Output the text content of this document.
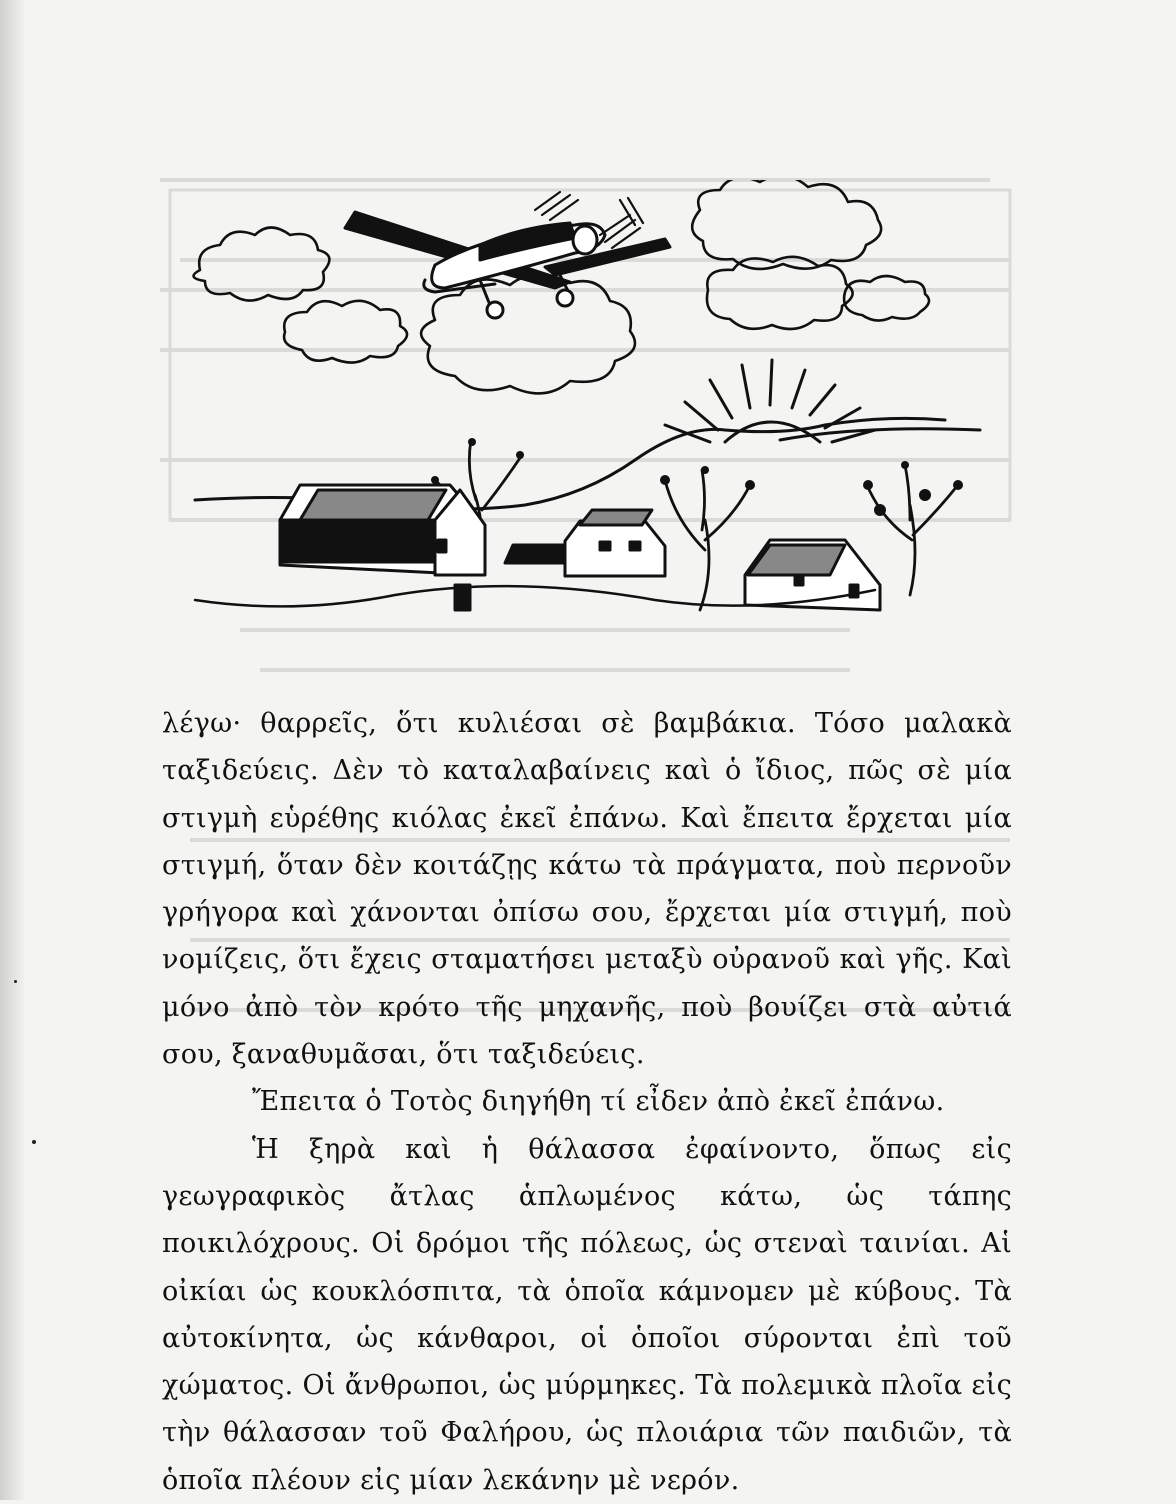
λέγω· θαρρεῖς, ὅτι κυλιέσαι σὲ βαμβάκια. Τόσο μαλακὰ ταξιδεύεις. Δὲν τὸ καταλαβαίνεις καὶ ὁ ἴδιος, πῶς σὲ μία στιγμὴ εὑρέθης κιόλας ἐκεῖ ἐπάνω. Καὶ ἔπειτα ἔρχεται μία στιγμή, ὅταν δὲν κοιτάζῃς κάτω τὰ πράγματα, ποὺ περνοῦν γρήγορα καὶ χάνονται ὀπίσω σου, ἔρχεται μία στιγμή, ποὺ νομίζεις, ὅτι ἔχεις σταματήσει μεταξὺ οὐρανοῦ καὶ γῆς. Καὶ μόνο ἀπὸ τὸν κρότο τῆς μηχανῆς, ποὺ βουίζει στὰ αὐτιά σου, ξαναθυμᾶσαι, ὅτι ταξιδεύεις.

Ἔπειτα ὁ Τοτὸς διηγήθη τί εἶδεν ἀπὸ ἐκεῖ ἐπάνω.

Ἡ ξηρὰ καὶ ἡ θάλασσα ἐφαίνοντο, ὅπως εἰς γεωγραφικὸς ἄτλας ἁπλωμένος κάτω, ὡς τάπης ποικιλόχρους. Οἱ δρόμοι τῆς πόλεως, ὡς στεναὶ ταινίαι. Αἱ οἰκίαι ὡς κουκλόσπιτα, τὰ ὁποῖα κάμνομεν μὲ κύβους. Τὰ αὐτοκίνητα, ὡς κάνθαροι, οἱ ὁποῖοι σύρονται ἐπὶ τοῦ χώματος. Οἱ ἄνθρωποι, ὡς μύρμηκες. Τὰ πολεμικὰ πλοῖα εἰς τὴν θάλασσαν τοῦ Φαλήρου, ὡς πλοιάρια τῶν παιδιῶν, τὰ ὁποῖα πλέουν εἰς μίαν λεκάνην μὲ νερόν.
